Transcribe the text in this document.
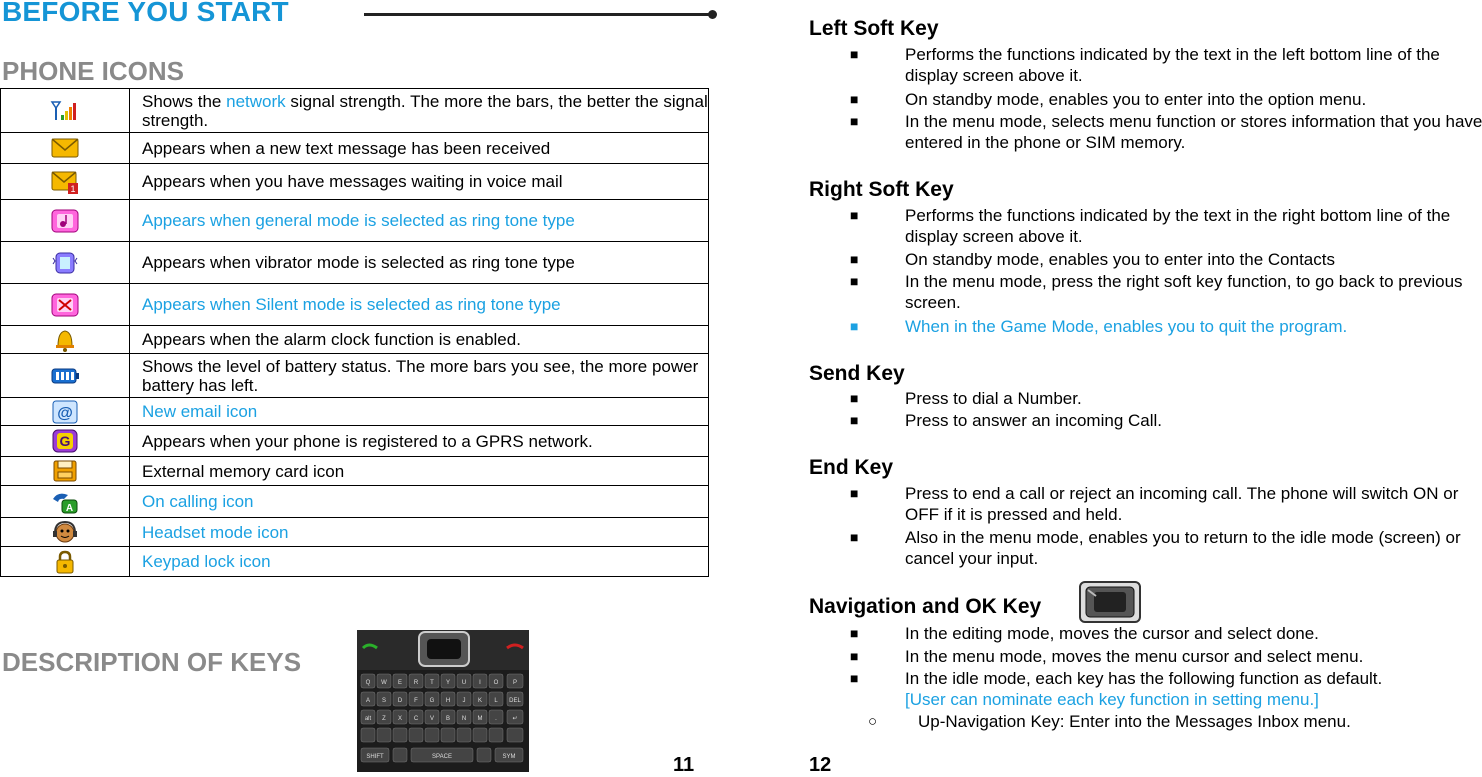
BEFORE YOU START
PHONE ICONS
	Shows the network signal strength. The more the bars, the better the signal strength.
	Appears when a new text message has been received

1	Appears when you have messages waiting in voice mail
	Appears when general mode is selected as ring tone type
	Appears when vibrator mode is selected as ring tone type
	Appears when Silent mode is selected as ring tone type
	Appears when the alarm clock function is enabled.
	Shows the level of battery status. The more bars you see, the more power battery has left.

@	New email icon

G	Appears when your phone is registered to a GPRS network.
	External memory card icon

A	On calling icon
	Headset mode icon
	Keypad lock icon
DESCRIPTION OF KEYS
Q W E R T Y U I O P
A S D F G H J K L DEL
alt Z X C V B N M .	↵
SHIFT	SPACE	SYM	11
Left Soft Key
■	Performs the functions indicated by the text in the left bottom line of the display screen above it.
■	On standby mode, enables you to enter into the option menu.
■	In the menu mode, selects menu function or stores information that you have entered in the phone or SIM memory.
Right Soft Key
■	Performs the functions indicated by the text in the right bottom line of the display screen above it.
■	On standby mode, enables you to enter into the Contacts
■	In the menu mode, press the right soft key function, to go back to previous screen.
■	When in the Game Mode, enables you to quit the program.
Send Key
■	Press to dial a Number.
■	Press to answer an incoming Call.
End Key
■	Press to end a call or reject an incoming call. The phone will switch ON or OFF if it is pressed and held.
■	Also in the menu mode, enables you to return to the idle mode (screen) or cancel your input.
Navigation and OK Key
■	In the editing mode, moves the cursor and select done.
■	In the menu mode, moves the menu cursor and select menu.
■	In the idle mode, each key has the following function as default.
[User can nominate each key function in setting menu.]
○ Up-Navigation Key: Enter into the Messages Inbox menu.
12
